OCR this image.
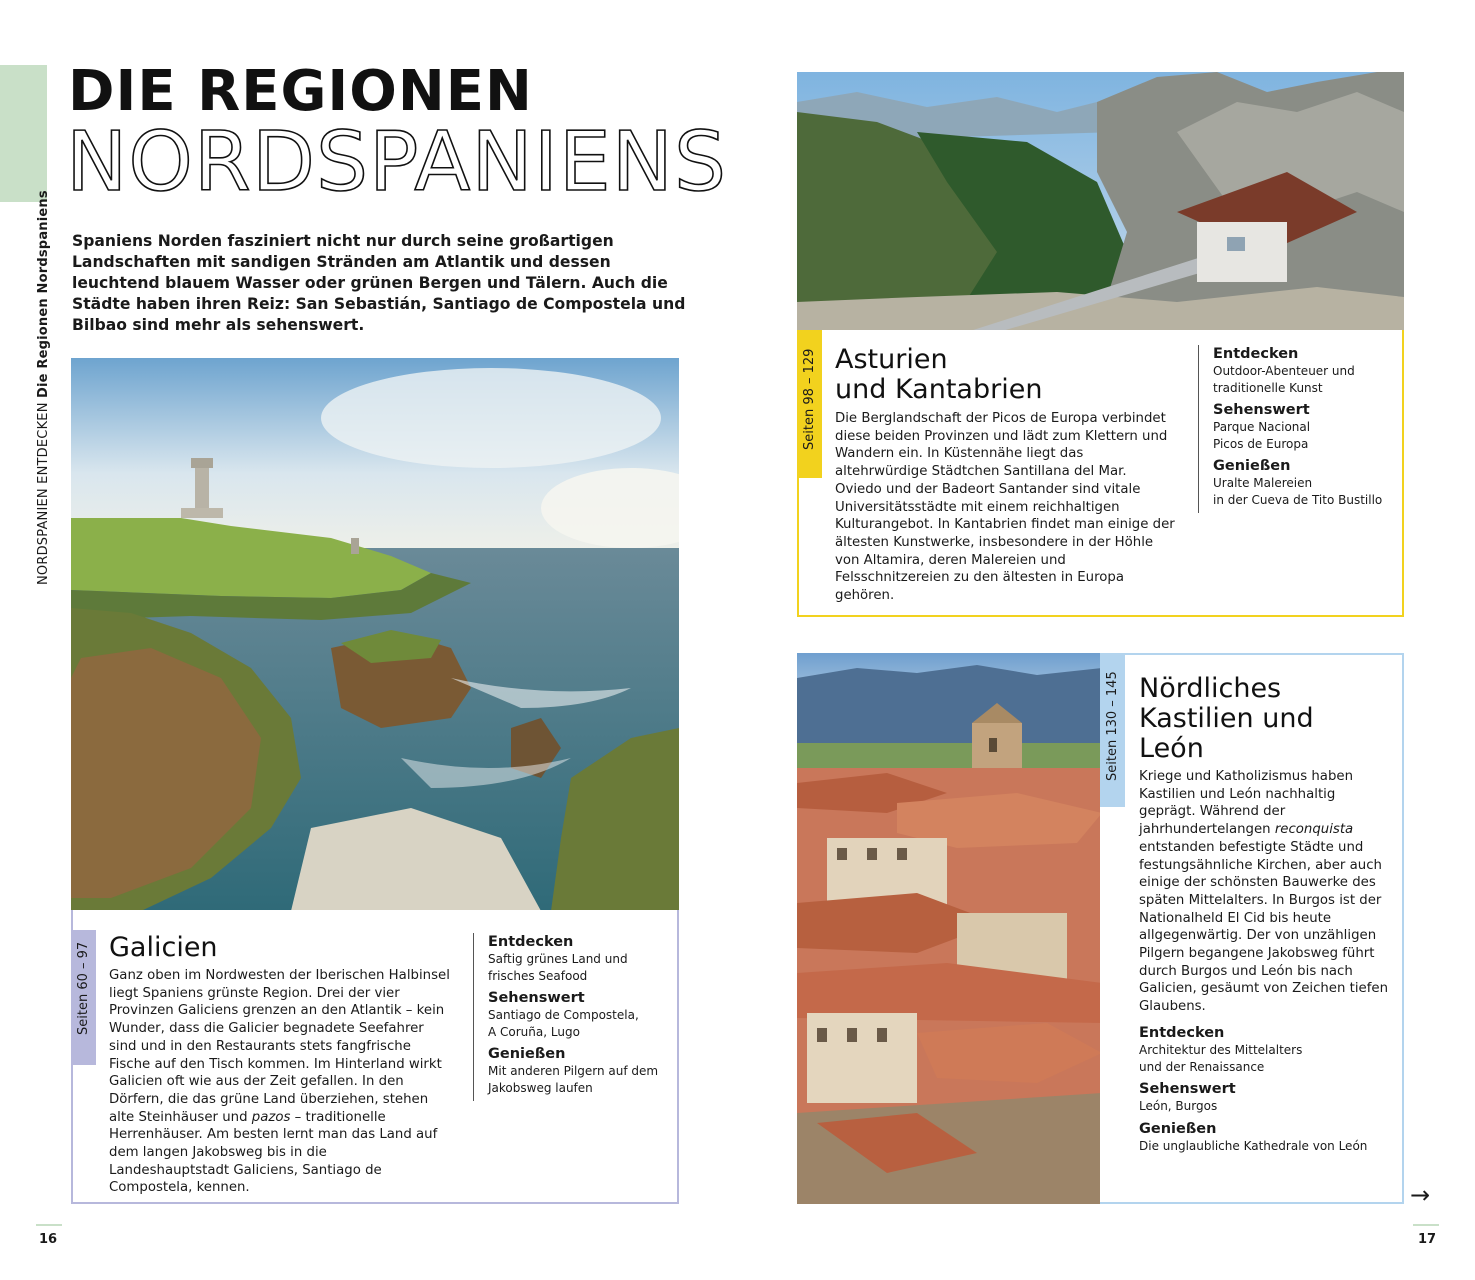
NORDSPANIEN ENTDECKEN Die Regionen Nordspaniens
DIE REGIONEN
NORDSPANIENS
Spaniens Norden fasziniert nicht nur durch seine großartigen Landschaften mit sandigen Stränden am Atlantik und dessen leuchtend blauem Wasser oder grünen Bergen und Tälern. Auch die Städte haben ihren Reiz: San Sebastián, Santiago de Compostela und Bilbao sind mehr als sehenswert.
Seiten 60 – 97 Galicien
Ganz oben im Nordwesten der Iberischen Halbinsel liegt Spaniens grünste Region. Drei der vier Provinzen Galiciens grenzen an den Atlantik – kein Wunder, dass die Galicier begnadete Seefahrer sind und in den Restaurants stets fangfrische Fische auf den Tisch kommen. Im Hinterland wirkt Galicien oft wie aus der Zeit gefallen. In den Dörfern, die das grüne Land überziehen, stehen alte Steinhäuser und pazos – traditionelle Herrenhäuser. Am besten lernt man das Land auf dem langen Jakobsweg bis in die Landeshauptstadt Galiciens, Santiago de Compostela, kennen.
Entdecken

Saftig grünes Land und
frisches Seafood

Sehenswert

Santiago de Compostela,
A Coruña, Lugo

Genießen

Mit anderen Pilgern auf dem
Jakobsweg laufen

Seiten 98 – 129 Asturien
und Kantabrien
Die Berglandschaft der Picos de Europa verbindet diese beiden Provinzen und lädt zum Klettern und Wandern ein. In Küstennähe liegt das altehrwürdige Städtchen Santillana del Mar. Oviedo und der Badeort Santander sind vitale Universitätsstädte mit einem reichhaltigen Kulturangebot. In Kantabrien findet man einige der ältesten Kunstwerke, insbesondere in der Höhle von Altamira, deren Malereien und Felsschnitzereien zu den ältesten in Europa gehören.
Entdecken

Outdoor-Abenteuer und
traditionelle Kunst

Sehenswert

Parque Nacional
Picos de Europa

Genießen

Uralte Malereien
in der Cueva de Tito Bustillo

Seiten 130 – 145 Nördliches
Kastilien und
León
Kriege und Katholizismus haben Kastilien und León nachhaltig geprägt. Während der jahrhundertelangen reconquista entstanden befestigte Städte und festungsähnliche Kirchen, aber auch einige der schönsten Bauwerke des späten Mittelalters. In Burgos ist der Nationalheld El Cid bis heute allgegenwärtig. Der von unzähligen Pilgern begangene Jakobsweg führt durch Burgos und León bis nach Galicien, gesäumt von Zeichen tiefen Glaubens.
Entdecken

Architektur des Mittelalters
und der Renaissance

Sehenswert

León, Burgos

Genießen

Die unglaubliche Kathedrale von León

→
16	17
